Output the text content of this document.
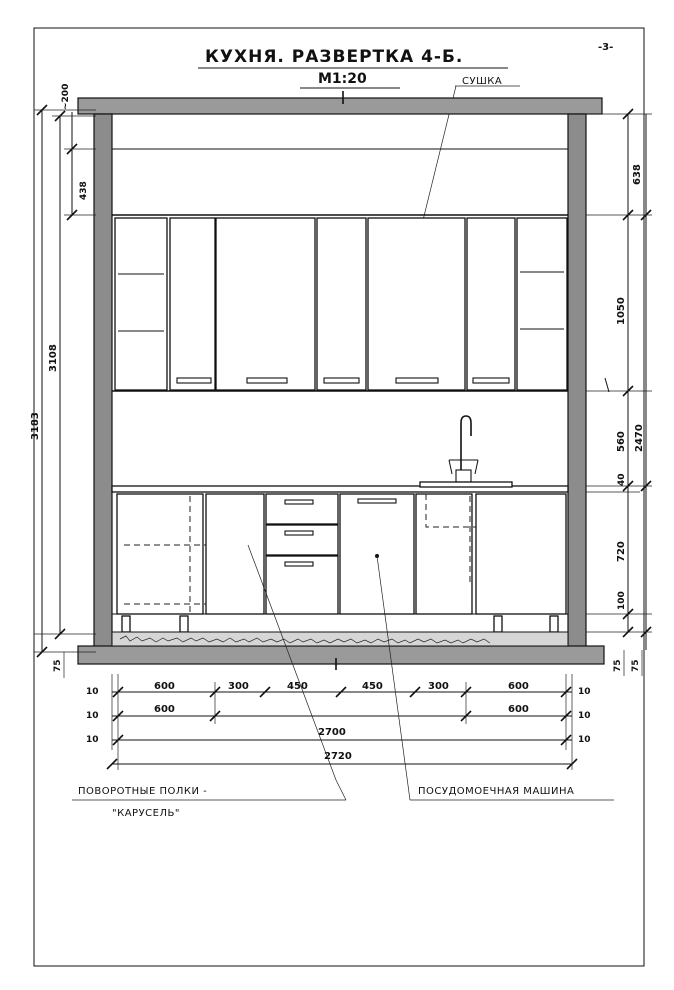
-3-
КУХНЯ. РАЗВЕРТКА 4-Б.
М1:20	СУШКА
3183
3108
~200
438
75
638
1050
560
40
2470
720
100
75 75
10	600	300	450	450	300	600	10
10
600	600
10
10
2700
10
2720
ПОВОРОТНЫЕ ПОЛКИ -
"КАРУСЕЛЬ"
ПОСУДОМОЕЧНАЯ МАШИНА
